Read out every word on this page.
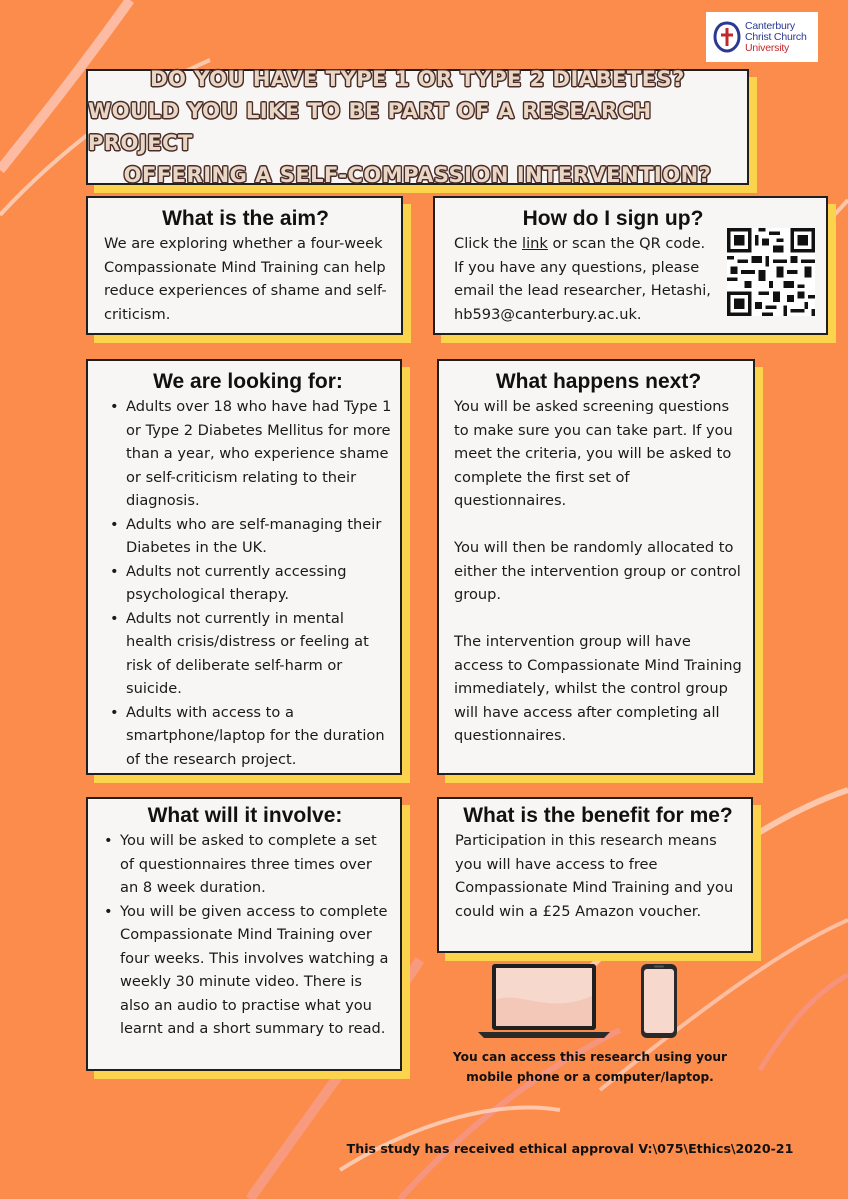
Canterbury
Christ Church
University
DO YOU HAVE TYPE 1 OR TYPE 2 DIABETES?
WOULD YOU LIKE TO BE PART OF A RESEARCH PROJECT
OFFERING A SELF-COMPASSION INTERVENTION?
What is the aim?
We are exploring whether a four-week Compassionate Mind Training can help reduce experiences of shame and self-criticism.
How do I sign up?
Click the link or scan the QR code. If you have any questions, please email the lead researcher, Hetashi, hb593@canterbury.ac.uk.
We are looking for:
• Adults over 18 who have had Type 1 or Type 2 Diabetes Mellitus for more than a year, who experience shame or self-criticism relating to their diagnosis.
• Adults who are self-managing their Diabetes in the UK.
• Adults not currently accessing psychological therapy.
• Adults not currently in mental health crisis/distress or feeling at risk of deliberate self-harm or suicide.
• Adults with access to a smartphone/laptop for the duration of the research project.
What happens next?

You will be asked screening questions to make sure you can take part. If you meet the criteria, you will be asked to complete the first set of questionnaires.

You will then be randomly allocated to either the intervention group or control group.

The intervention group will have access to Compassionate Mind Training immediately, whilst the control group will have access after completing all questionnaires.

What will it involve:
• You will be asked to complete a set of questionnaires three times over an 8 week duration.
• You will be given access to complete Compassionate Mind Training over four weeks. This involves watching a weekly 30 minute video. There is also an audio to practise what you learnt and a short summary to read.
What is the benefit for me?
Participation in this research means you will have access to free Compassionate Mind Training and you could win a £25 Amazon voucher.
You can access this research using your
mobile phone or a computer/laptop.
This study has received ethical approval V:\075\Ethics\2020-21
